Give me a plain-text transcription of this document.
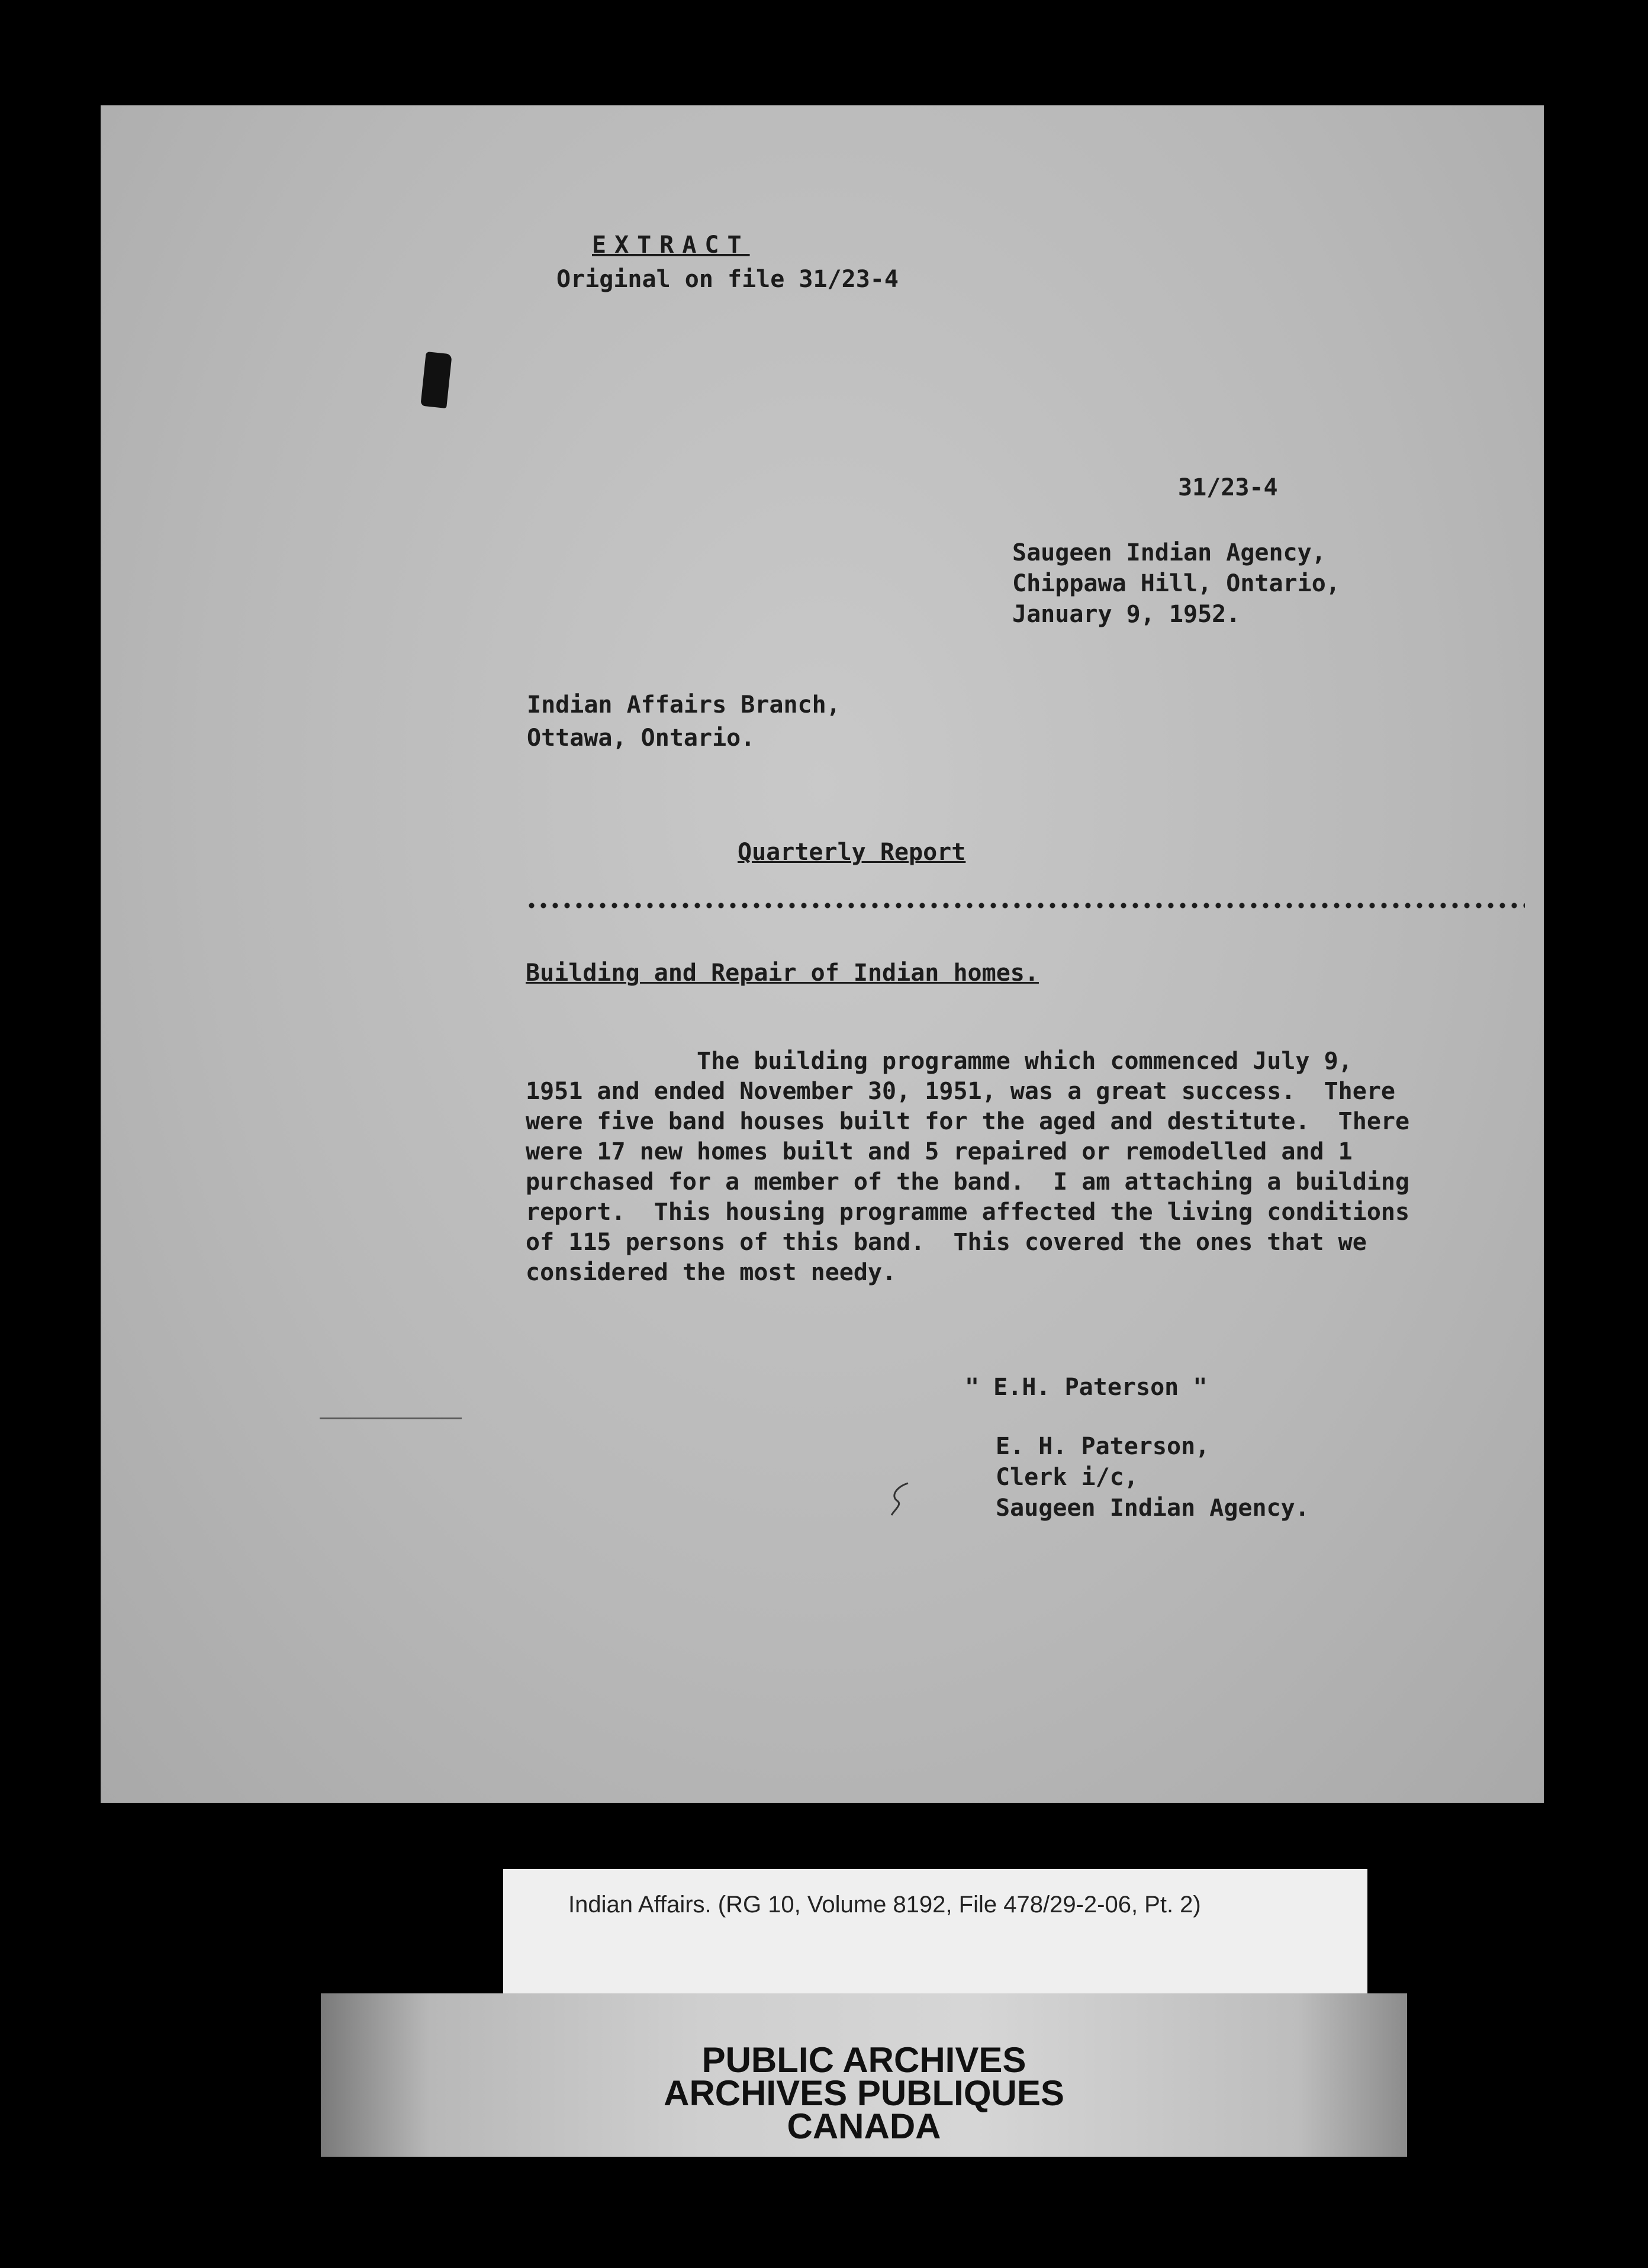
EXTRACT
Original on file 31/23-4
31/23-4
Saugeen Indian Agency,
Chippawa Hill, Ontario,
January 9, 1952.
Indian Affairs Branch,
Ottawa, Ontario.
Quarterly Report
Building and Repair of Indian homes.
The building programme which commenced July 9,
1951 and ended November 30, 1951, was a great success.  There
were five band houses built for the aged and destitute.  There
were 17 new homes built and 5 repaired or remodelled and 1
purchased for a member of the band.  I am attaching a building
report.  This housing programme affected the living conditions
of 115 persons of this band.  This covered the ones that we
considered the most needy.
" E.H. Paterson "
E. H. Paterson,
Clerk i/c,
Saugeen Indian Agency.
Indian Affairs. (RG 10, Volume 8192, File 478/29-2-06, Pt. 2)
PUBLIC ARCHIVES
ARCHIVES PUBLIQUES
CANADA
